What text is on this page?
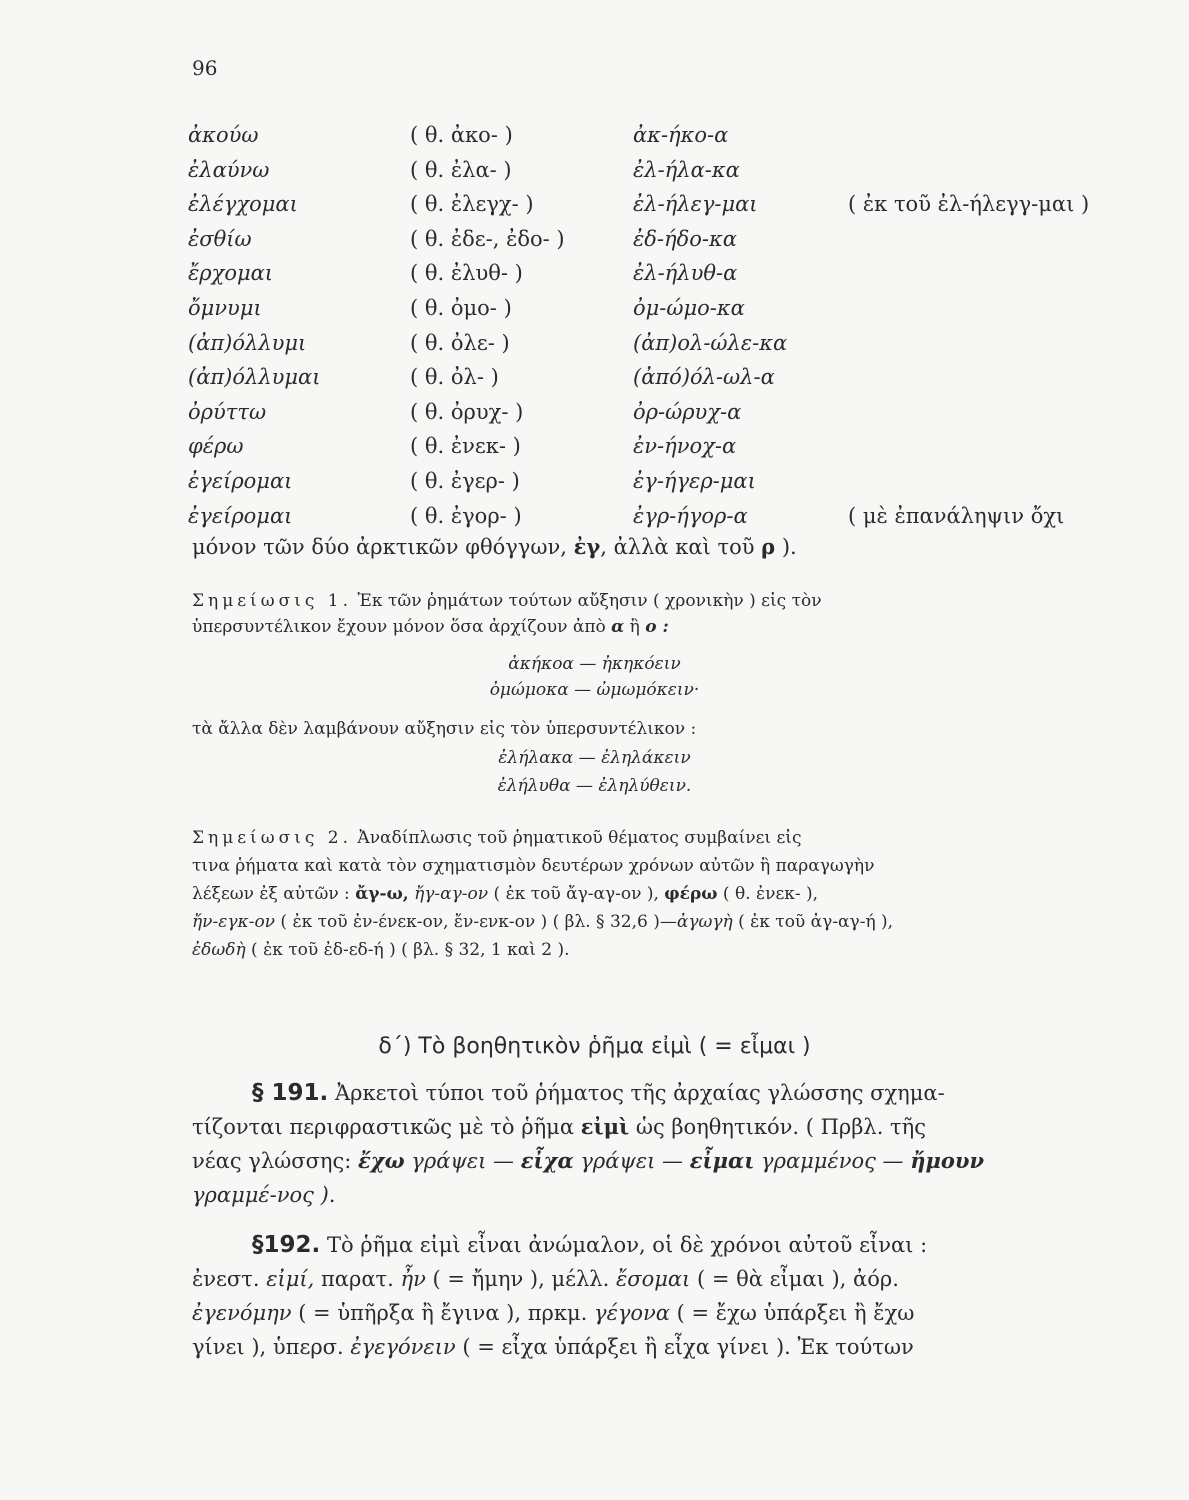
96
ἀκούω	( θ. ἀκο- )	ἀκ-ήκο-α
ἐλαύνω	( θ. ἐλα- )	ἐλ-ήλα-κα
ἐλέγχομαι	( θ. ἐλεγχ- )	ἐλ-ήλεγ-μαι	( ἐκ τοῦ ἐλ-ήλεγγ-μαι )
ἐσθίω	( θ. ἐδε-, ἐδο- )	ἐδ-ήδο-κα
ἔρχομαι	( θ. ἐλυθ- )	ἐλ-ήλυθ-α
ὄμνυμι	( θ. ὀμο- )	ὀμ-ώμο-κα
(ἀπ)όλλυμι	( θ. ὀλε- )	(ἀπ)ολ-ώλε-κα
(ἀπ)όλλυμαι	( θ. ὀλ- )	(ἀπό)όλ-ωλ-α
ὀρύττω	( θ. ὀρυχ- )	ὀρ-ώρυχ-α
φέρω	( θ. ἐνεκ- )	ἐν-ήνοχ-α
ἐγείρομαι	( θ. ἐγερ- )	ἐγ-ήγερ-μαι
ἐγείρομαι	( θ. ἐγορ- )	ἐγρ-ήγορ-α	( μὲ ἐπανάληψιν ὄχι
μόνον τῶν δύο ἀρκτικῶν φθόγγων, ἐγ, ἀλλὰ καὶ τοῦ ρ ).
Σημείωσις 1. Ἐκ τῶν ῥημάτων τούτων αὔξησιν ( χρονικὴν ) εἰς τὸν
ὑπερσυντέλικον ἔχουν μόνον ὅσα ἀρχίζουν ἀπὸ α ἢ ο :
ἀκήκοα — ἠκηκόειν
ὀμώμοκα — ὠμωμόκειν·
τὰ ἄλλα δὲν λαμβάνουν αὔξησιν εἰς τὸν ὑπερσυντέλικον :
ἐλήλακα — ἐληλάκειν
ἐλήλυθα — ἐληλύθειν.
Σημείωσις 2. Ἀναδίπλωσις τοῦ ῥηματικοῦ θέματος συμβαίνει εἰς
τινα ῥήματα καὶ κατὰ τὸν σχηματισμὸν δευτέρων χρόνων αὐτῶν ἢ παραγωγὴν
λέξεων ἐξ αὐτῶν : ἄγ-ω, ἤγ-αγ-ον ( ἐκ τοῦ ἄγ-αγ-ον ), φέρω ( θ. ἐνεκ- ),
ἤν-εγκ-ον ( ἐκ τοῦ ἐν-ένεκ-ον, ἔν-ενκ-ον ) ( βλ. § 32,6 )—ἀγωγὴ ( ἐκ τοῦ ἀγ-αγ-ή ),
ἐδωδὴ ( ἐκ τοῦ ἐδ-εδ-ή ) ( βλ. § 32, 1 καὶ 2 ).
δ΄) Τὸ βοηθητικὸν ῥῆμα εἰμὶ ( = εἶμαι )
§ 191. Ἀρκετοὶ τύποι τοῦ ῥήματος τῆς ἀρχαίας γλώσσης σχημα-
τίζονται περιφραστικῶς μὲ τὸ ῥῆμα εἰμὶ ὡς βοηθητικόν. ( Πρβλ. τῆς
νέας γλώσσης: ἔχω γράψει — εἶχα γράψει — εἶμαι γραμμένος — ἤμουν
γραμμέ-νος ).
§192. Τὸ ῥῆμα εἰμὶ εἶναι ἀνώμαλον, οἱ δὲ χρόνοι αὐτοῦ εἶναι :
ἐνεστ. εἰμί, παρατ. ἦν ( = ἤμην ), μέλλ. ἔσομαι ( = θὰ εἶμαι ), ἀόρ.
ἐγενόμην ( = ὑπῆρξα ἢ ἔγινα ), πρκμ. γέγονα ( = ἔχω ὑπάρξει ἢ ἔχω
γίνει ), ὑπερσ. ἐγεγόνειν ( = εἶχα ὑπάρξει ἢ εἶχα γίνει ). Ἐκ τούτων
